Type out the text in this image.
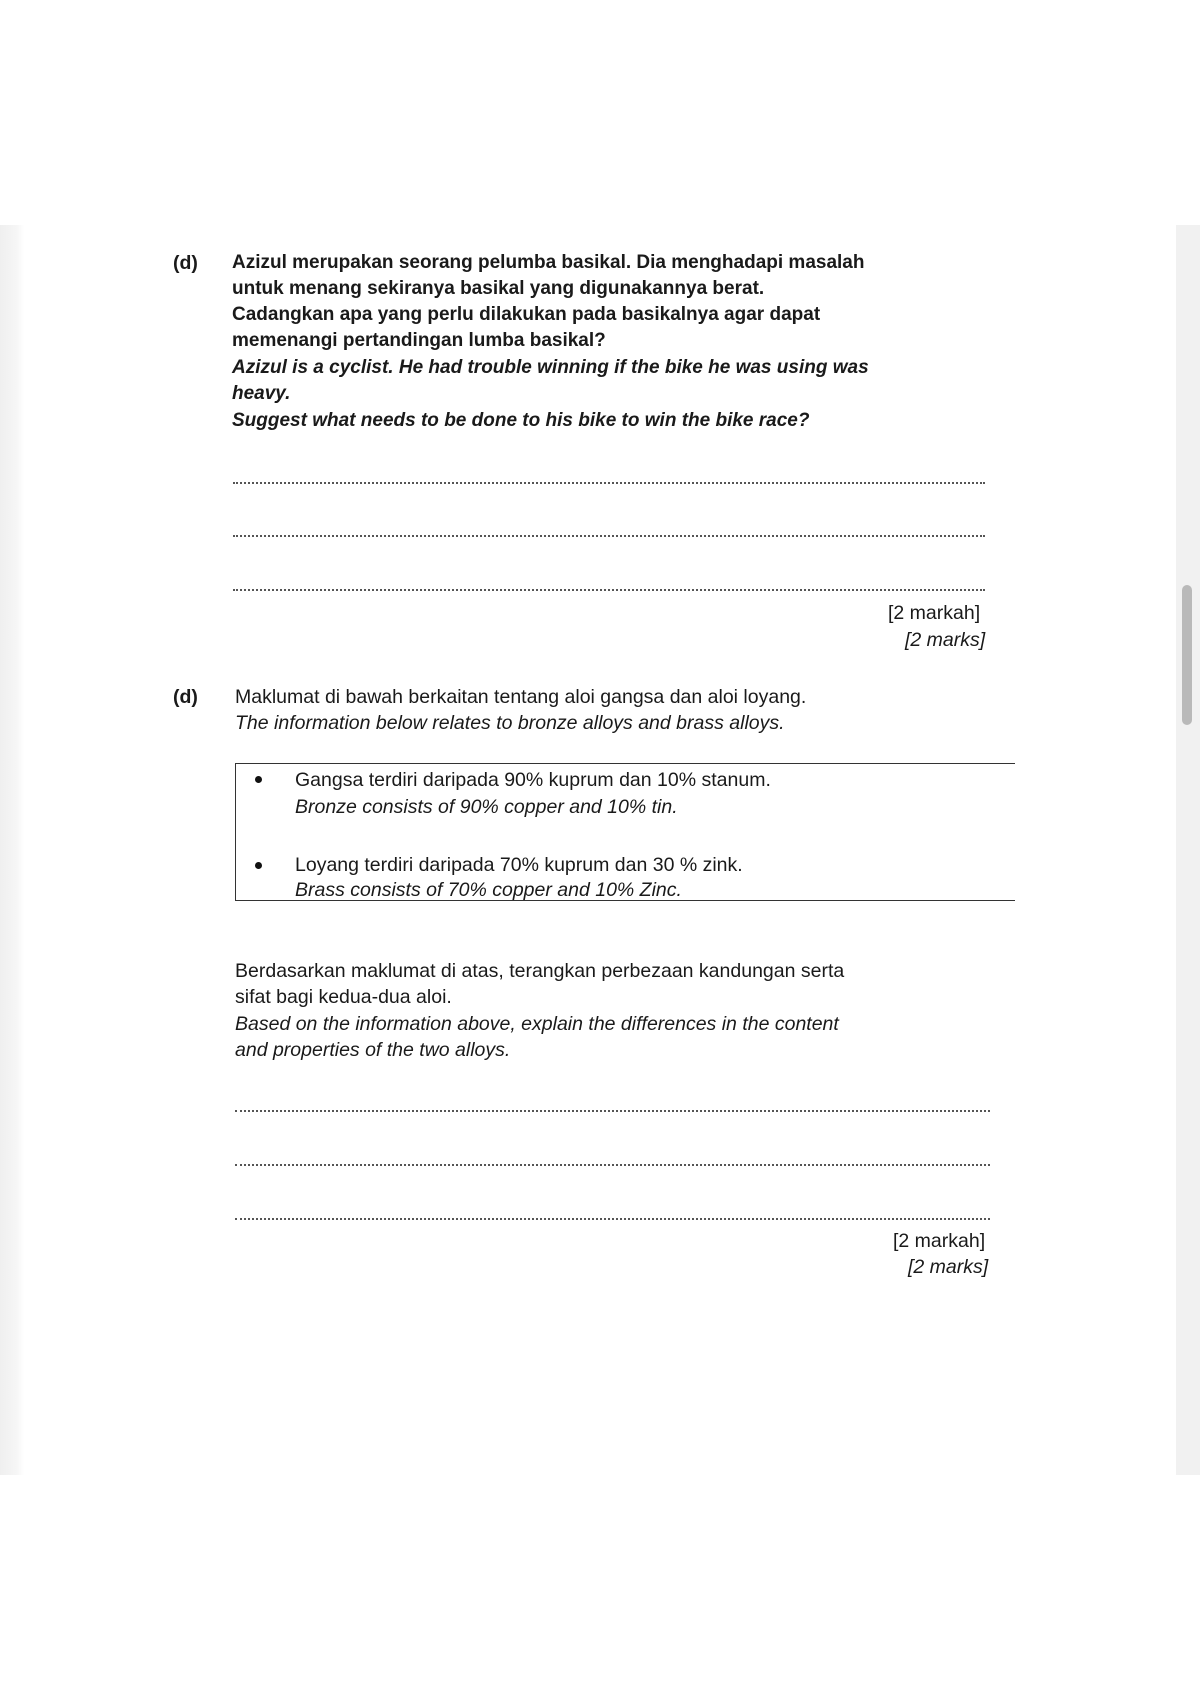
(d) Azizul merupakan seorang pelumba basikal. Dia menghadapi masalah
untuk menang sekiranya basikal yang digunakannya berat.
Cadangkan apa yang perlu dilakukan pada basikalnya agar dapat
memenangi pertandingan lumba basikal?
Azizul is a cyclist. He had trouble winning if the bike he was using was
heavy.
Suggest what needs to be done to his bike to win the bike race?
[2 markah]
[2 marks]
(d) Maklumat di bawah berkaitan tentang aloi gangsa dan aloi loyang.
The information below relates to bronze alloys and brass alloys.
Gangsa terdiri daripada 90% kuprum dan 10% stanum.
Bronze consists of 90% copper and 10% tin.
Loyang terdiri daripada 70% kuprum dan 30 % zink.
Brass consists of 70% copper and 10% Zinc.
Berdasarkan maklumat di atas, terangkan perbezaan kandungan serta
sifat bagi kedua-dua aloi.
Based on the information above, explain the differences in the content
and properties of the two alloys.
[2 markah]
[2 marks]
